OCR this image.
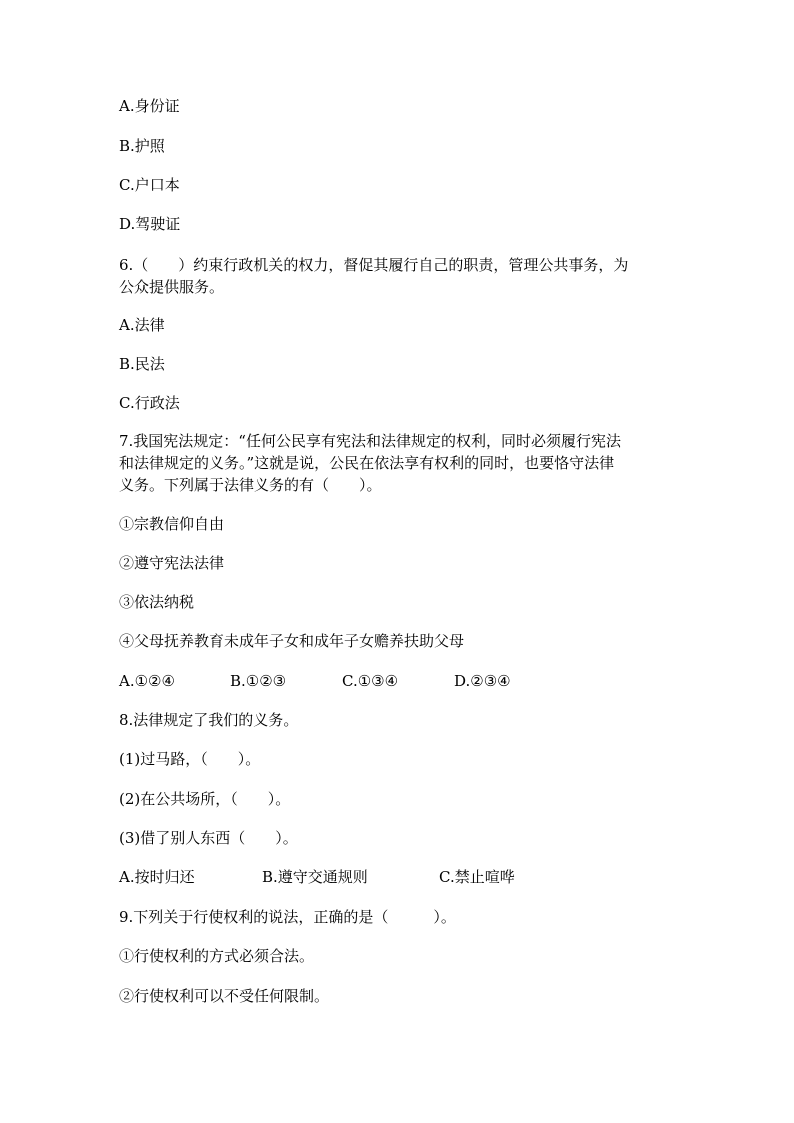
A.身份证
B.护照
C.户口本
D.驾驶证
6.（　　）约束行政机关的权力，督促其履行自己的职责，管理公共事务，为
公众提供服务。
A.法律
B.民法
C.行政法
7.我国宪法规定：“任何公民享有宪法和法律规定的权利，同时必须履行宪法
和法律规定的义务。”这就是说，公民在依法享有权利的同时，也要恪守法律
义务。下列属于法律义务的有（　　）。
①宗教信仰自由
②遵守宪法法律
③依法纳税
④父母抚养教育未成年子女和成年子女赡养扶助父母
A.①②④	B.①②③	C.①③④	D.②③④
8.法律规定了我们的义务。
(1)过马路，（　　）。
(2)在公共场所，（　　）。
(3)借了别人东西（　　）。
A.按时归还	B.遵守交通规则	C.禁止喧哗
9.下列关于行使权利的说法，正确的是（　　　）。
①行使权利的方式必须合法。
②行使权利可以不受任何限制。
